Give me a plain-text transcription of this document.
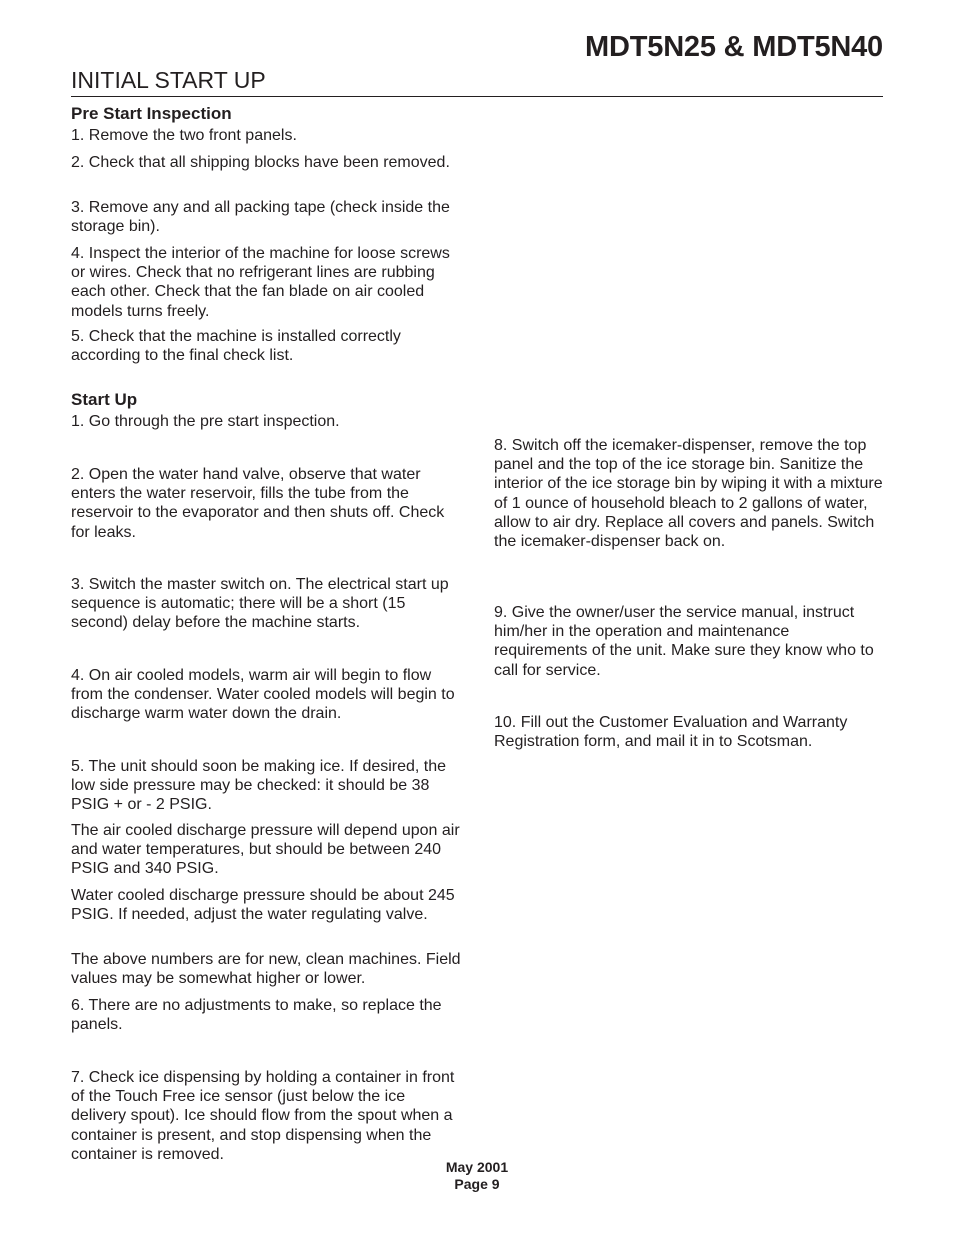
MDT5N25 & MDT5N40
INITIAL START UP

Pre Start Inspection

1. Remove the two front panels.

2. Check that all shipping blocks have been removed.

3. Remove any and all packing tape (check inside the storage bin).

4. Inspect the interior of the machine for loose screws or wires. Check that no refrigerant lines are rubbing each other. Check that the fan blade on air cooled models turns freely.

5. Check that the machine is installed correctly according to the final check list.

Start Up

1. Go through the pre start inspection.

2. Open the water hand valve, observe that water enters the water reservoir, fills the tube from the reservoir to the evaporator and then shuts off. Check for leaks.

3. Switch the master switch on. The electrical start up sequence is automatic; there will be a short (15 second) delay before the machine starts.

4. On air cooled models, warm air will begin to flow from the condenser. Water cooled models will begin to discharge warm water down the drain.

5. The unit should soon be making ice. If desired, the low side pressure may be checked: it should be 38 PSIG + or - 2 PSIG.

The air cooled discharge pressure will depend upon air and water temperatures, but should be between 240 PSIG and 340 PSIG.

Water cooled discharge pressure should be about 245 PSIG. If needed, adjust the water regulating valve.

The above numbers are for new, clean machines. Field values may be somewhat higher or lower.

6. There are no adjustments to make, so replace the panels.

7. Check ice dispensing by holding a container in front of the Touch Free ice sensor (just below the ice delivery spout). Ice should flow from the spout when a container is present, and stop dispensing when the container is removed.

8. Switch off the icemaker-dispenser, remove the top panel and the top of the ice storage bin. Sanitize the interior of the ice storage bin by wiping it with a mixture of 1 ounce of household bleach to 2 gallons of water, allow to air dry. Replace all covers and panels. Switch the icemaker-dispenser back on.

9. Give the owner/user the service manual, instruct him/her in the operation and maintenance requirements of the unit. Make sure they know who to call for service.

10. Fill out the Customer Evaluation and Warranty Registration form, and mail it in to Scotsman.

May 2001
Page 9
